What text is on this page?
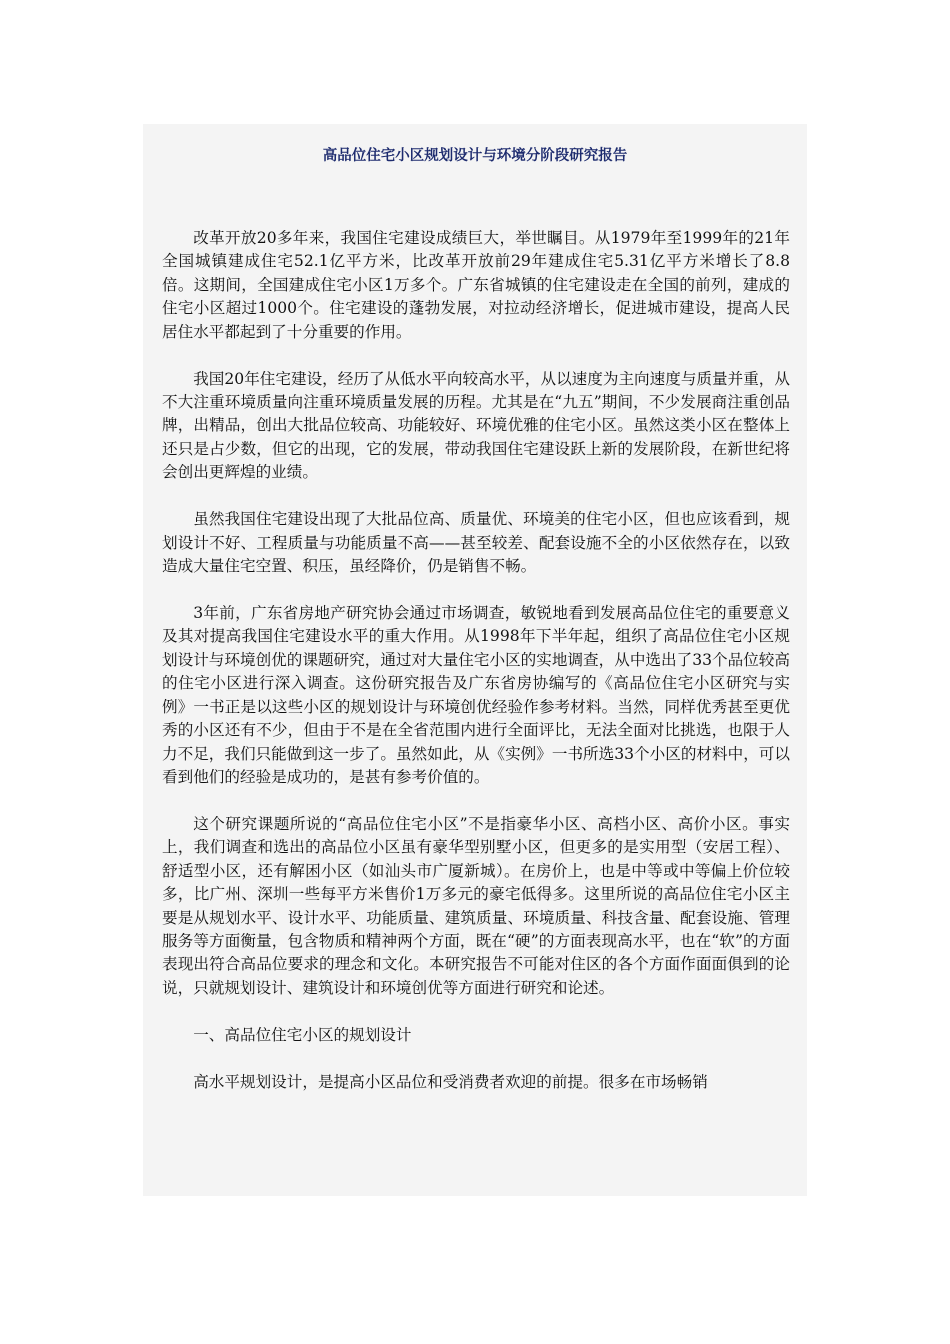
高品位住宅小区规划设计与环境分阶段研究报告

改革开放20多年来，我国住宅建设成绩巨大，举世瞩目。从1979年至1999年的21年全国城镇建成住宅52.1亿平方米，比改革开放前29年建成住宅5.31亿平方米增长了8.8倍。这期间，全国建成住宅小区1万多个。广东省城镇的住宅建设走在全国的前列，建成的住宅小区超过1000个。住宅建设的蓬勃发展，对拉动经济增长，促进城市建设，提高人民居住水平都起到了十分重要的作用。

我国20年住宅建设，经历了从低水平向较高水平，从以速度为主向速度与质量并重，从不大注重环境质量向注重环境质量发展的历程。尤其是在“九五”期间，不少发展商注重创品牌，出精品，创出大批品位较高、功能较好、环境优雅的住宅小区。虽然这类小区在整体上还只是占少数，但它的出现，它的发展，带动我国住宅建设跃上新的发展阶段，在新世纪将会创出更辉煌的业绩。

虽然我国住宅建设出现了大批品位高、质量优、环境美的住宅小区，但也应该看到，规划设计不好、工程质量与功能质量不高——甚至较差、配套设施不全的小区依然存在，以致造成大量住宅空置、积压，虽经降价，仍是销售不畅。

3年前，广东省房地产研究协会通过市场调查，敏锐地看到发展高品位住宅的重要意义及其对提高我国住宅建设水平的重大作用。从1998年下半年起，组织了高品位住宅小区规划设计与环境创优的课题研究，通过对大量住宅小区的实地调查，从中选出了33个品位较高的住宅小区进行深入调查。这份研究报告及广东省房协编写的《高品位住宅小区研究与实例》一书正是以这些小区的规划设计与环境创优经验作参考材料。当然，同样优秀甚至更优秀的小区还有不少，但由于不是在全省范围内进行全面评比，无法全面对比挑选，也限于人力不足，我们只能做到这一步了。虽然如此，从《实例》一书所选33个小区的材料中，可以看到他们的经验是成功的，是甚有参考价值的。

这个研究课题所说的“高品位住宅小区”不是指豪华小区、高档小区、高价小区。事实上，我们调查和选出的高品位小区虽有豪华型别墅小区，但更多的是实用型（安居工程）、舒适型小区，还有解困小区（如汕头市广厦新城）。在房价上，也是中等或中等偏上价位较多，比广州、深圳一些每平方米售价1万多元的豪宅低得多。这里所说的高品位住宅小区主要是从规划水平、设计水平、功能质量、建筑质量、环境质量、科技含量、配套设施、管理服务等方面衡量，包含物质和精神两个方面，既在“硬”的方面表现高水平，也在“软”的方面表现出符合高品位要求的理念和文化。本研究报告不可能对住区的各个方面作面面俱到的论说，只就规划设计、建筑设计和环境创优等方面进行研究和论述。

一、高品位住宅小区的规划设计

高水平规划设计，是提高小区品位和受消费者欢迎的前提。很多在市场畅销
